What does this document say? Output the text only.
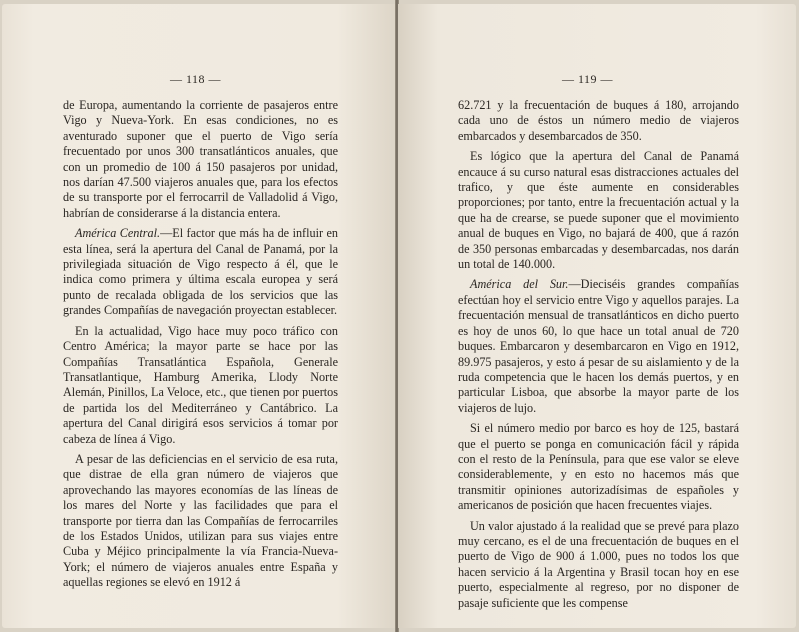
— 118 —

de Europa, aumentando la corriente de pasajeros entre Vigo y Nueva-York. En esas condiciones, no es aventurado suponer que el puerto de Vigo sería frecuentado por unos 300 transatlánticos anuales, que con un promedio de 100 á 150 pasajeros por unidad, nos darían 47.500 viajeros anuales que, para los efectos de su transporte por el ferrocarril de Valladolid á Vigo, habrían de considerarse á la distancia entera.

América Central.—El factor que más ha de influir en esta línea, será la apertura del Canal de Panamá, por la privilegiada situación de Vigo respecto á él, que le indica como primera y última escala europea y será punto de recalada obligada de los servicios que las grandes Compañías de navegación proyectan establecer.

En la actualidad, Vigo hace muy poco tráfico con Centro América; la mayor parte se hace por las Compañías Transatlántica Española, Generale Transatlantique, Hamburg Amerika, Llody Norte Alemán, Pinillos, La Veloce, etc., que tienen por puertos de partida los del Mediterráneo y Cantábrico. La apertura del Canal dirigirá esos servicios á tomar por cabeza de línea á Vigo.

A pesar de las deficiencias en el servicio de esa ruta, que distrae de ella gran número de viajeros que aprovechando las mayores economías de las líneas de los mares del Norte y las facilidades que para el transporte por tierra dan las Compañías de ferrocarriles de los Estados Unidos, utilizan para sus viajes entre Cuba y Méjico principalmente la vía Francia-Nueva-York; el número de viajeros anuales entre España y aquellas regiones se elevó en 1912 á

— 119 —

62.721 y la frecuentación de buques á 180, arrojando cada uno de éstos un número medio de viajeros embarcados y desembarcados de 350.

Es lógico que la apertura del Canal de Panamá encauce á su curso natural esas distracciones actuales del trafico, y que éste aumente en considerables proporciones; por tanto, entre la frecuentación actual y la que ha de crearse, se puede suponer que el movimiento anual de buques en Vigo, no bajará de 400, que á razón de 350 personas embarcadas y desembarcadas, nos darán un total de 140.000.

América del Sur.—Dieciséis grandes compañías efectúan hoy el servicio entre Vigo y aquellos parajes. La frecuentación mensual de transatlánticos en dicho puerto es hoy de unos 60, lo que hace un total anual de 720 buques. Embarcaron y desembarcaron en Vigo en 1912, 89.975 pasajeros, y esto á pesar de su aislamiento y de la ruda competencia que le hacen los demás puertos, y en particular Lisboa, que absorbe la mayor parte de los viajeros de lujo.

Si el número medio por barco es hoy de 125, bastará que el puerto se ponga en comunicación fácil y rápida con el resto de la Península, para que ese valor se eleve considerablemente, y en esto no hacemos más que transmitir opiniones autorizadísimas de españoles y americanos de posición que hacen frecuentes viajes.

Un valor ajustado á la realidad que se prevé para plazo muy cercano, es el de una frecuentación de buques en el puerto de Vigo de 900 á 1.000, pues no todos los que hacen servicio á la Argentina y Brasil tocan hoy en ese puerto, especialmente al regreso, por no disponer de pasaje suficiente que les compense
